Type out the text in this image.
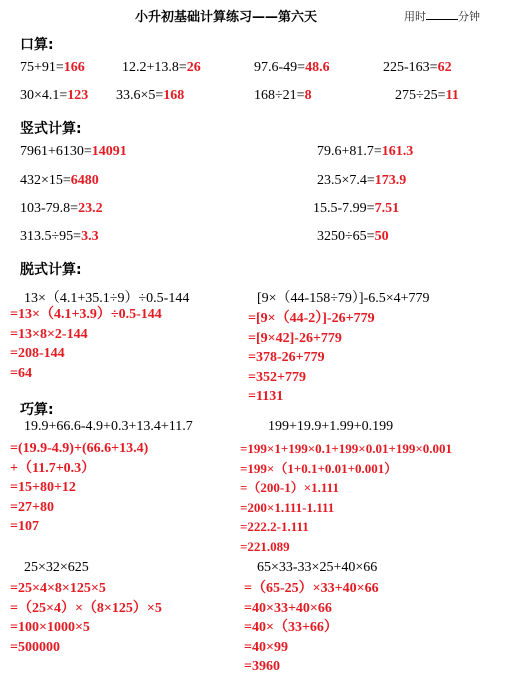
小升初基础计算练习——第六天	用时	分钟
口算:
75+91=166	12.2+13.8=26	97.6-49=48.6	225-163=62
30×4.1=123 33.6×5=168	168÷21=8	275÷25=11
竖式计算:
7961+6130=14091	79.6+81.7=161.3
432×15=6480	23.5×7.4=173.9
103-79.8=23.2	15.5-7.99=7.51
313.5÷95=3.3	3250÷65=50
脱式计算:
13×（4.1+35.1÷9）÷0.5-144
=13×（4.1+3.9）÷0.5-144
=13×8×2-144
=208-144
=64
[9×（44-158÷79）]-6.5×4+779
=[9×（44-2）]-26+779
=[9×42]-26+779
=378-26+779
=352+779
=1131
巧算:
19.9+66.6-4.9+0.3+13.4+11.7
=(19.9-4.9)+(66.6+13.4)
+（11.7+0.3）
=15+80+12
=27+80
=107
199+19.9+1.99+0.199
=199×1+199×0.1+199×0.01+199×0.001
=199×（1+0.1+0.01+0.001）
=（200-1）×1.111
=200×1.111-1.111
=222.2-1.111
=221.089
25×32×625
=25×4×8×125×5
=（25×4）×（8×125）×5
=100×1000×5
=500000
65×33-33×25+40×66
=（65-25）×33+40×66
=40×33+40×66
=40×（33+66）
=40×99
=3960
